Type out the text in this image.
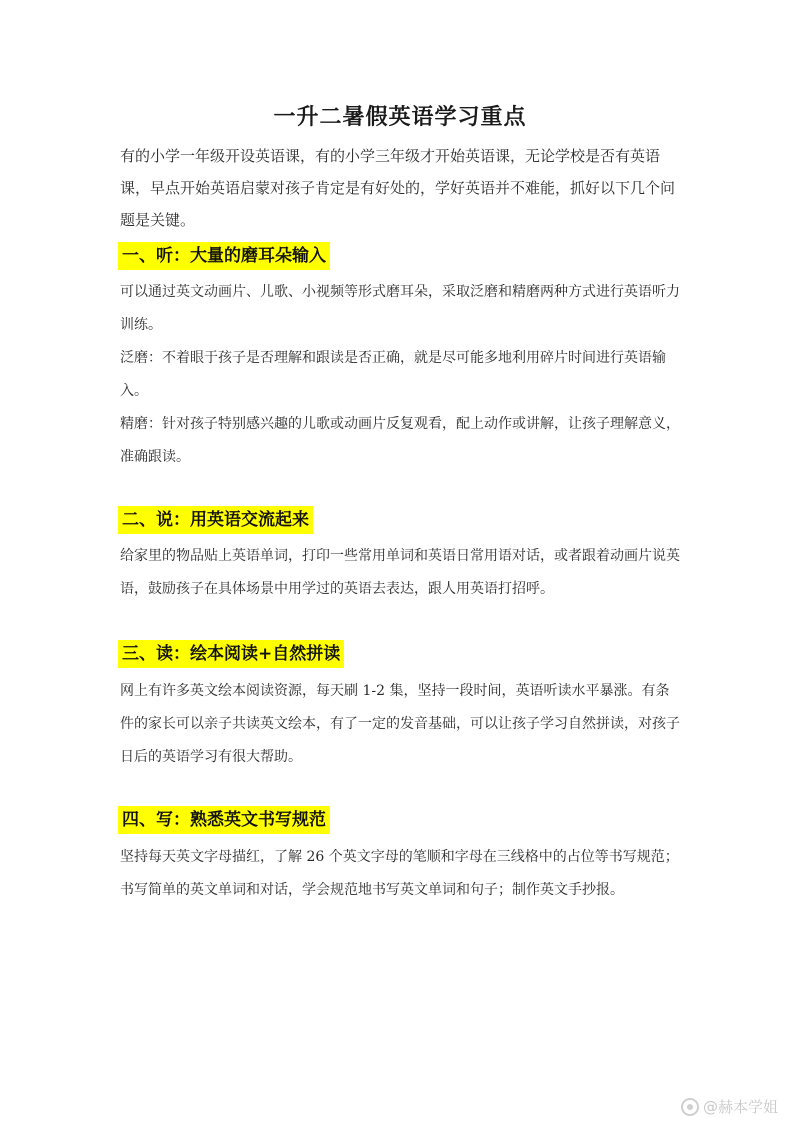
一升二暑假英语学习重点
有的小学一年级开设英语课，有的小学三年级才开始英语课，无论学校是否有英语课，早点开始英语启蒙对孩子肯定是有好处的，学好英语并不难能，抓好以下几个问题是关键。
一、听：大量的磨耳朵输入

可以通过英文动画片、儿歌、小视频等形式磨耳朵，采取泛磨和精磨两种方式进行英语听力训练。

泛磨：不着眼于孩子是否理解和跟读是否正确，就是尽可能多地利用碎片时间进行英语输入。

精磨：针对孩子特别感兴趣的儿歌或动画片反复观看，配上动作或讲解，让孩子理解意义，准确跟读。

二、说：用英语交流起来

给家里的物品贴上英语单词，打印一些常用单词和英语日常用语对话，或者跟着动画片说英语，鼓励孩子在具体场景中用学过的英语去表达，跟人用英语打招呼。

三、读：绘本阅读+自然拼读

网上有许多英文绘本阅读资源，每天刷 1-2 集，坚持一段时间，英语听读水平暴涨。有条件的家长可以亲子共读英文绘本，有了一定的发音基础，可以让孩子学习自然拼读，对孩子日后的英语学习有很大帮助。

四、写：熟悉英文书写规范

坚持每天英文字母描红，了解 26 个英文字母的笔顺和字母在三线格中的占位等书写规范；书写简单的英文单词和对话，学会规范地书写英文单词和句子；制作英文手抄报。

@赫本学姐
